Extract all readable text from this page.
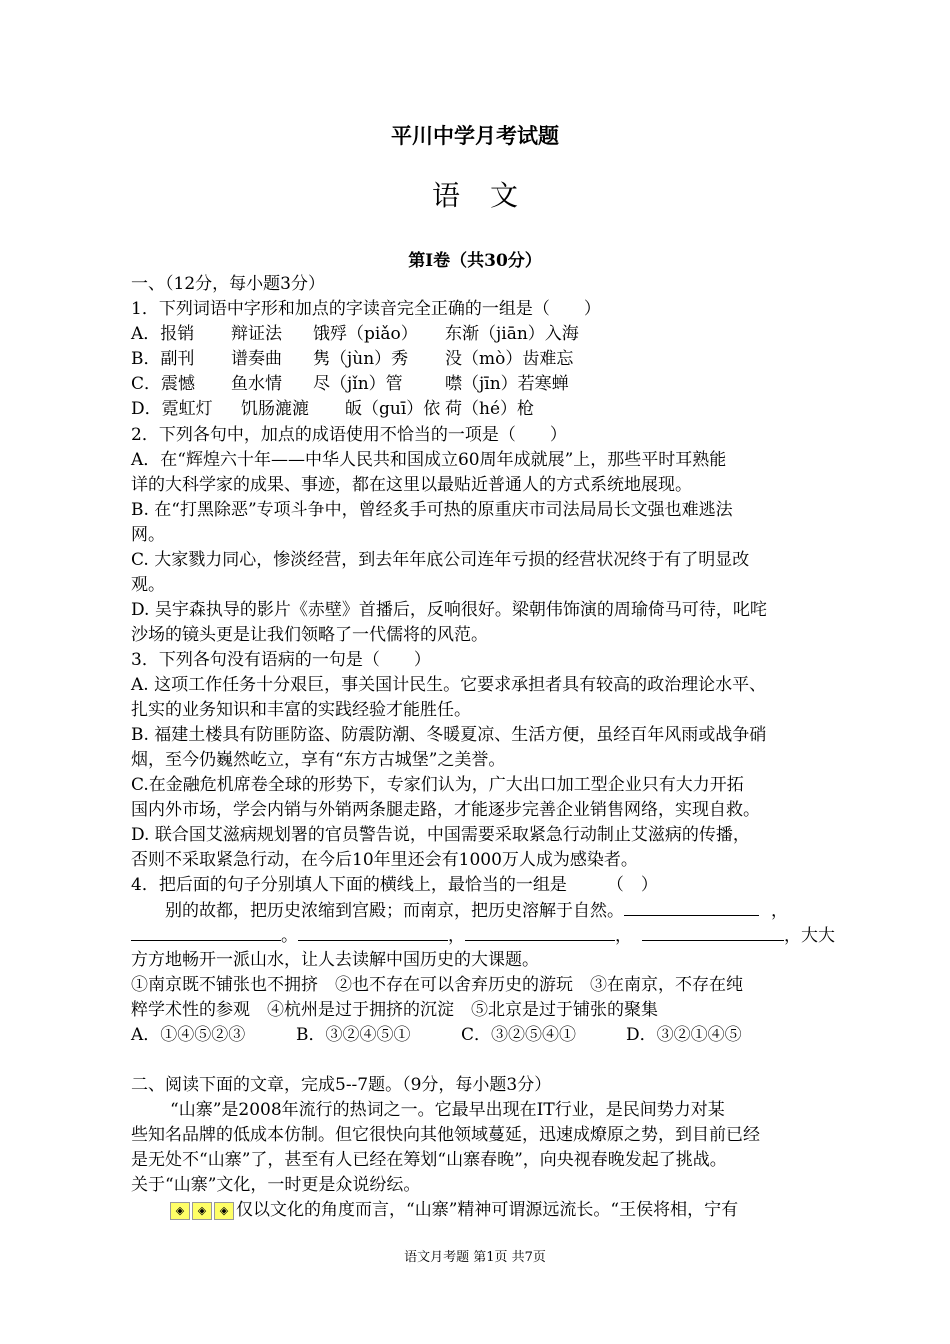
平川中学月考试题
语文
第Ⅰ卷（共30分）
一、（12分，每小题3分）
1．下列词语中字形和加点的字读音完全正确的一组是（　　）
A．报销 辩证法 饿殍（piǎo） 东渐（jiān）入海
B．副刊 谱奏曲 隽（jùn）秀 没（mò）齿难忘
C．震憾 鱼水情 尽（jǐn）管 噤（jīn）若寒蝉
D．霓虹灯 饥肠漉漉 皈（guī）依 荷（hé）枪
2．下列各句中，加点的成语使用不恰当的一项是（　　）
A．在“辉煌六十年——中华人民共和国成立60周年成就展”上，那些平时耳熟能
详的大科学家的成果、事迹，都在这里以最贴近普通人的方式系统地展现。
B. 在“打黑除恶”专项斗争中，曾经炙手可热的原重庆市司法局局长文强也难逃法
网。
C. 大家戮力同心，惨淡经营，到去年年底公司连年亏损的经营状况终于有了明显改
观。
D. 吴宇森执导的影片《赤壁》首播后，反响很好。梁朝伟饰演的周瑜倚马可待，叱咤
沙场的镜头更是让我们领略了一代儒将的风范。
3．下列各句没有语病的一句是（　　）
A. 这项工作任务十分艰巨，事关国计民生。它要求承担者具有较高的政治理论水平、
扎实的业务知识和丰富的实践经验才能胜任。
B. 福建土楼具有防匪防盗、防震防潮、冬暖夏凉、生活方便，虽经百年风雨或战争硝
烟，至今仍巍然屹立，享有“东方古城堡”之美誉。
C.在金融危机席卷全球的形势下，专家们认为，广大出口加工型企业只有大力开拓
国内外市场，学会内销与外销两条腿走路，才能逐步完善企业销售网络，实现自救。
D. 联合国艾滋病规划署的官员警告说，中国需要采取紧急行动制止艾滋病的传播，
否则不采取紧急行动，在今后10年里还会有1000万人成为感染者。
4．把后面的句子分别填人下面的横线上，最恰当的一组是 （　）
别的故都，把历史浓缩到宫殿；而南京，把历史溶解于自然。	，
。	，	，	，大大
方方地畅开一派山水，让人去读解中国历史的大课题。
①南京既不铺张也不拥挤　②也不存在可以舍弃历史的游玩　③在南京，不存在纯
粹学术性的参观　④杭州是过于拥挤的沉淀　⑤北京是过于铺张的聚集
A．①④⑤②③	B．③②④⑤①	C．③②⑤④①	D．③②①④⑤
二、阅读下面的文章，完成5--7题。（9分，每小题3分）
“山寨”是2008年流行的热词之一。它最早出现在IT行业，是民间势力对某
些知名品牌的低成本仿制。但它很快向其他领域蔓延，迅速成燎原之势，到目前已经
是无处不“山寨”了，甚至有人已经在筹划“山寨春晚”，向央视春晚发起了挑战。
关于“山寨”文化，一时更是众说纷纭。
◈ ◈ ◈ 仅以文化的角度而言，“山寨”精神可谓源远流长。“王侯将相，宁有
语文月考题 第1页 共7页
